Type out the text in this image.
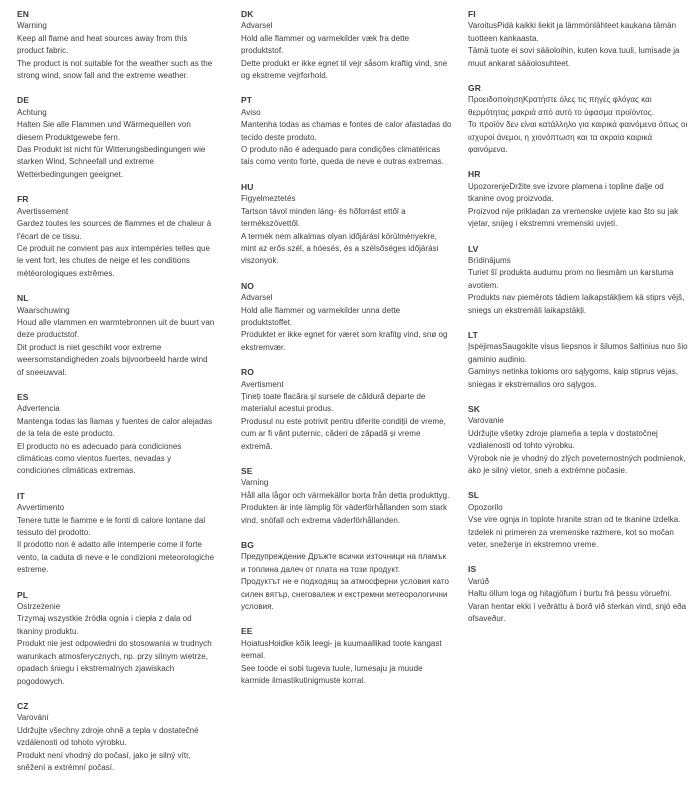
EN
Warning
Keep all flame and heat sources away from this product fabric.
The product is not suitable for the weather such as the strong wind, snow fall and the extreme weather.
DE
Achtung
Halten Sie alle Flammen und Wärmequellen von diesem Produktgewebe fern.
Das Produkt ist nicht für Witterungsbedingungen wie starken Wind, Schneefall und extreme Wetterbedingungen geeignet.
FR
Avertissement
Gardez toutes les sources de flammes et de chaleur à l'écart de ce tissu.
Ce produit ne convient pas aux intempéries telles que le vent fort, les chutes de neige et les conditions météorologiques extrêmes.
NL
Waarschuwing
Houd alle vlammen en warmtebronnen uit de buurt van deze productstof.
Dit product is niet geschikt voor extreme weersomstandigheden zoals bijvoorbeeld harde wind of sneeuwval.
ES
Advertencia
Mantenga todas las llamas y fuentes de calor alejadas de la tela de este producto.
El producto no es adecuado para condiciones climáticas como vientos fuertes, nevadas y condiciones climáticas extremas.
IT
Avvertimento
Tenere tutte le fiamme e le fonti di calore lontane dal tessuto del prodotto.
Il prodotto non è adatto alle intemperie come il forte vento, la caduta di neve e le condizioni meteorologiche estreme.
PL
Ostrzeżenie
Trzymaj wszystkie źródła ognia i ciepła z dala od tkaniny produktu.
Produkt nie jest odpowiedni do stosowania w trudnych warunkach atmosferycznych, np. przy silnym wietrze, opadach śniegu i ekstremalnych zjawiskach pogodowych.
CZ
Varování
Udržujte všechny zdroje ohně a tepla v dostatečné vzdálenosti od tohoto výrobku.
Produkt není vhodný do počasí, jako je silný vítr, sněžení a extrémní počasí.
DK
Advarsel
Hold alle flammer og varmekilder væk fra dette produktstof.
Dette produkt er ikke egnet til vejr såsom kraftig vind, sne og ekstreme vejrforhold.
PT
Aviso
Mantenha todas as chamas e fontes de calor afastadas do tecido deste produto.
O produto não é adequado para condições climatéricas tais como vento forte, queda de neve e outras extremas.
HU
Figyelmeztetés
Tartson távol minden láng- és hőforrást ettől a termékszövettől.
A termék nem alkalmas olyan időjárási körülményekre, mint az erős szél, a hóesés, és a szélsőséges időjárási viszonyok.
NO
Advarsel
Hold alle flammer og varmekilder unna dette produktstoffet.
Produktet er ikke egnet for været som krafitg vind, snø og ekstremvær.
RO
Avertisment
Țineți toate flacăra și sursele de căldură departe de materialul acestui produs.
Produsul nu este potrivit pentru diferite condiții de vreme, cum ar fi vânt puternic, căderi de zăpadă și vreme extremă.
SE
Varning
Håll alla lågor och värmekällor borta från detta produkttyg.
Produkten är inte lämplig för väderförhållanden som stark vind, snöfall och extrema väderförhållanden.
BG
Предупреждение Дръжте всички източници на пламък и топлина далеч от плата на този продукт.
Продуктът не е подходящ за атмосферни условия като силен вятър, снеговалеж и екстремни метеорологични условия.
EE
HoiatusHoidke kõik leegi- ja kuumaallikad toote kangast eemal.
See toode ei sobi tugeva tuule, lumesaju ja muude karmide ilmastikutinigmuste korral.
FI
VaroitusPidä kaikki liekit ja lämmönlähteet kaukana tämän tuotteen kankaasta.
Tämä tuote ei sovi sääoloihin, kuten kova tuuli, lumisade ja muut ankarat sääolosuhteet.
GR
ΠροειδοποίησηΚρατήστε όλες τις πηγές φλόγας και θερμότητας μακριά από αυτό το ύφασμα προϊόντος.
Το προϊόν δεν είναι κατάλληλο για καιρικά φαινόμενα όπως οι ισχυροί άνεμοι, η χιονόπτωση και τα ακραία καιρικά φαινόμενα.
HR
UpozorenjeDržite sve izvore plamena i topline dalje od tkanine ovog proizvoda.
Proizvod nije prikladan za vremenske uvjete kao što su jak vjetar, snijeg i ekstremni vremenski uvjeti.
LV
Brīdinājums
Turiet šī produkta audumu prom no liesmām un karstuma avotiem.
Produkts nav piemērots tādiem laikapstākļiem kā stiprs vējš, sniegs un ekstremāli laikapstākļi.
LT
ĮspėjimasSaugokite visus liepsnos ir šilumos šaltinius nuo šio gaminio audinio.
Gaminys netinka tokioms oro sąlygoms, kaip stiprus vėjas, sniegas ir ekstremalios oro sąlygos.
SK
Varovanie
Udržujte všetky zdroje plameňa a tepla v dostatočnej vzdialenosti od tohto výrobku.
Výrobok nie je vhodný do zlých poveternostných podmienok, ako je silný vietor, sneh a extrémne počasie.
SL
Opozorilo
Vse vire ognja in toplote hranite stran od te tkanine izdelka.
Izdelek ni primeren za vremenske razmere, kot so močan veter, sneženje in ekstremno vreme.
IS
Varúð
Haltu öllum loga og hitagjöfum í burtu frá þessu vöruefni.
Varan hentar ekki í veðráttu á borð við sterkan vind, snjó eða ofsaveður.
